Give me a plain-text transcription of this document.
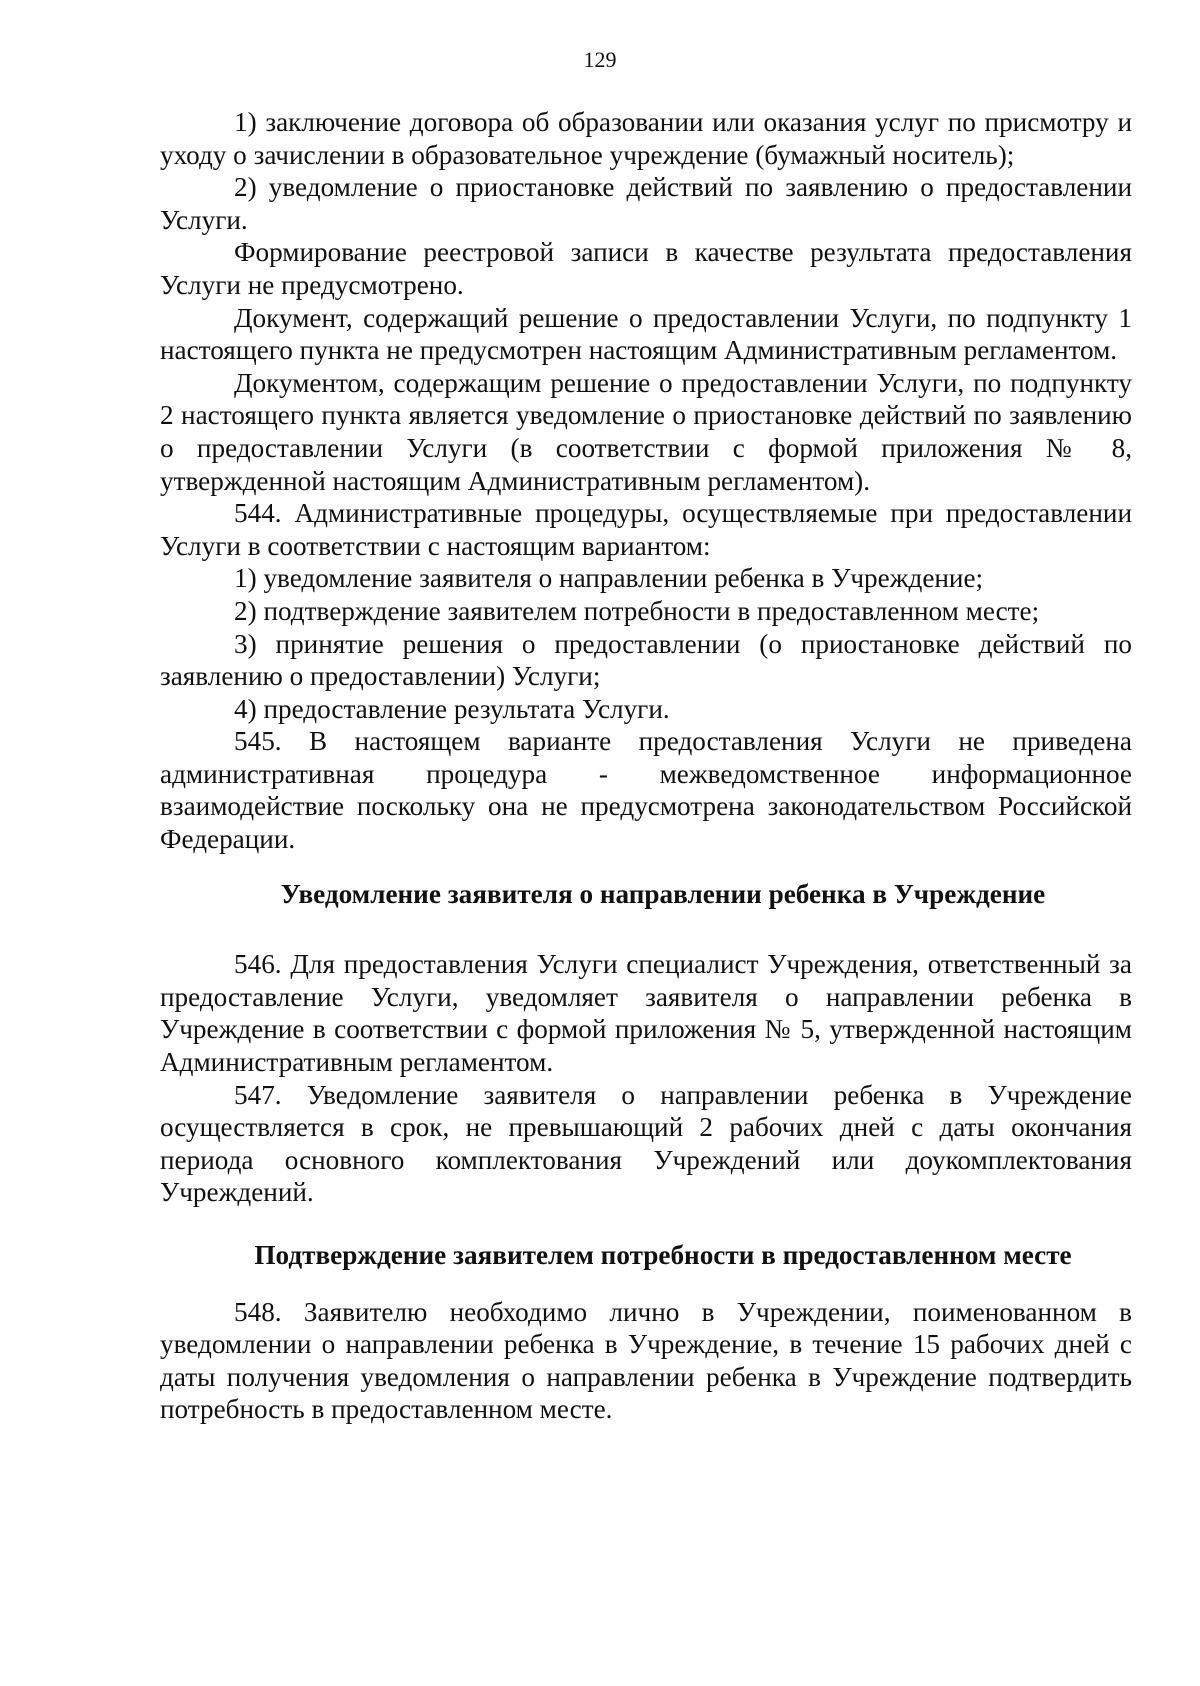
129

1) заключение договора об образовании или оказания услуг по присмотру и уходу о зачислении в образовательное учреждение (бумажный носитель);

2) уведомление о приостановке действий по заявлению о предоставлении Услуги.

Формирование реестровой записи в качестве результата предоставления Услуги не предусмотрено.

Документ, содержащий решение о предоставлении Услуги, по подпункту 1 настоящего пункта не предусмотрен настоящим Административным регламентом.

Документом, содержащим решение о предоставлении Услуги, по подпункту 2 настоящего пункта является уведомление о приостановке действий по заявлению о предоставлении Услуги (в соответствии с формой приложения № 8, утвержденной настоящим Административным регламентом).

544. Административные процедуры, осуществляемые при предоставлении Услуги в соответствии с настоящим вариантом:

1) уведомление заявителя о направлении ребенка в Учреждение;

2) подтверждение заявителем потребности в предоставленном месте;

3) принятие решения о предоставлении (о приостановке действий по заявлению о предоставлении) Услуги;

4) предоставление результата Услуги.

545. В настоящем варианте предоставления Услуги не приведена административная процедура - межведомственное информационное взаимодействие поскольку она не предусмотрена законодательством Российской Федерации.

Уведомление заявителя о направлении ребенка в Учреждение

546. Для предоставления Услуги специалист Учреждения, ответственный за предоставление Услуги, уведомляет заявителя о направлении ребенка в Учреждение в соответствии с формой приложения № 5, утвержденной настоящим Административным регламентом.

547. Уведомление заявителя о направлении ребенка в Учреждение осуществляется в срок, не превышающий 2 рабочих дней с даты окончания периода основного комплектования Учреждений или доукомплектования Учреждений.

Подтверждение заявителем потребности в предоставленном месте

548. Заявителю необходимо лично в Учреждении, поименованном в уведомлении о направлении ребенка в Учреждение, в течение 15 рабочих дней с даты получения уведомления о направлении ребенка в Учреждение подтвердить потребность в предоставленном месте.
